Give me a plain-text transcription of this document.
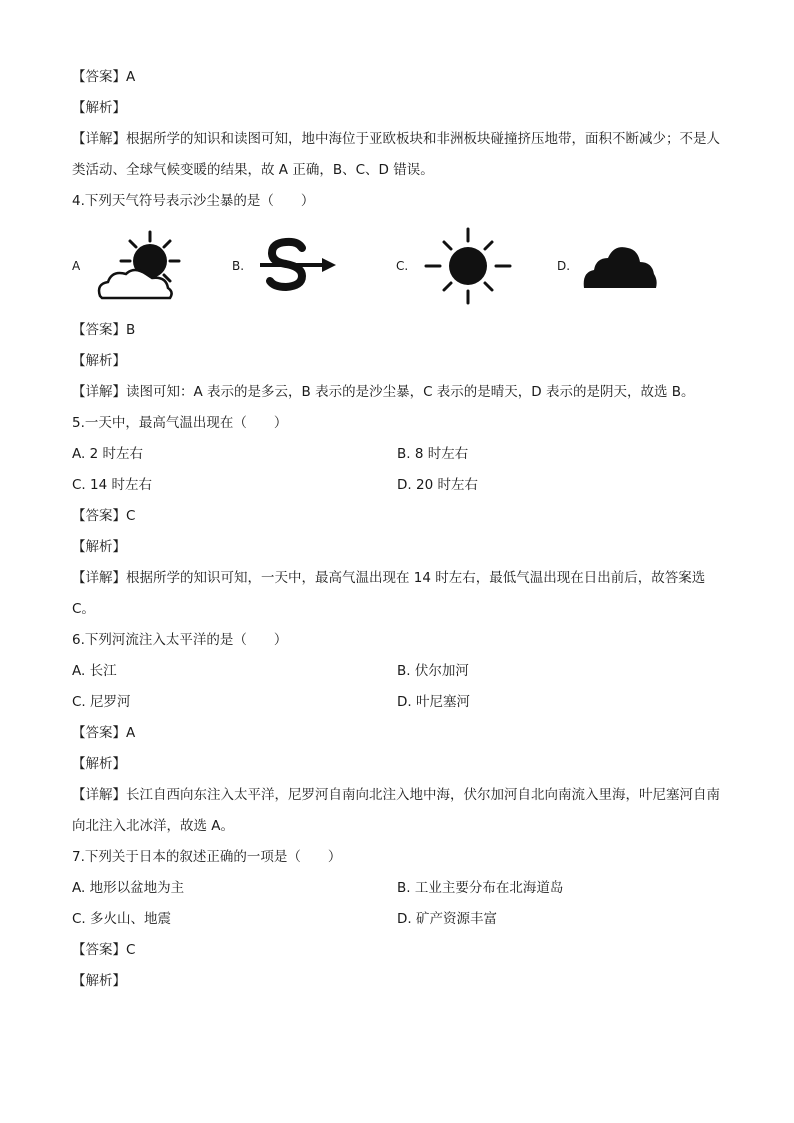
【答案】A
【解析】
【详解】根据所学的知识和读图可知，地中海位于亚欧板块和非洲板块碰撞挤压地带，面积不断减少；不是人类活动、全球气候变暖的结果，故 A 正确，B、C、D 错误。
4.下列天气符号表示沙尘暴的是（　　）
A	B.	C.	D.
【答案】B
【解析】
【详解】读图可知：A 表示的是多云，B 表示的是沙尘暴，C 表示的是晴天，D 表示的是阴天，故选 B。
5.一天中，最高气温出现在（　　）
A. 2 时左右	B. 8 时左右
C. 14 时左右	D. 20 时左右
【答案】C
【解析】
【详解】根据所学的知识可知，一天中，最高气温出现在 14 时左右，最低气温出现在日出前后，故答案选 C。
6.下列河流注入太平洋的是（　　）
A. 长江	B. 伏尔加河
C. 尼罗河	D. 叶尼塞河
【答案】A
【解析】
【详解】长江自西向东注入太平洋，尼罗河自南向北注入地中海，伏尔加河自北向南流入里海，叶尼塞河自南向北注入北冰洋，故选 A。
7.下列关于日本的叙述正确的一项是（　　）
A. 地形以盆地为主	B. 工业主要分布在北海道岛
C. 多火山、地震	D. 矿产资源丰富
【答案】C
【解析】
